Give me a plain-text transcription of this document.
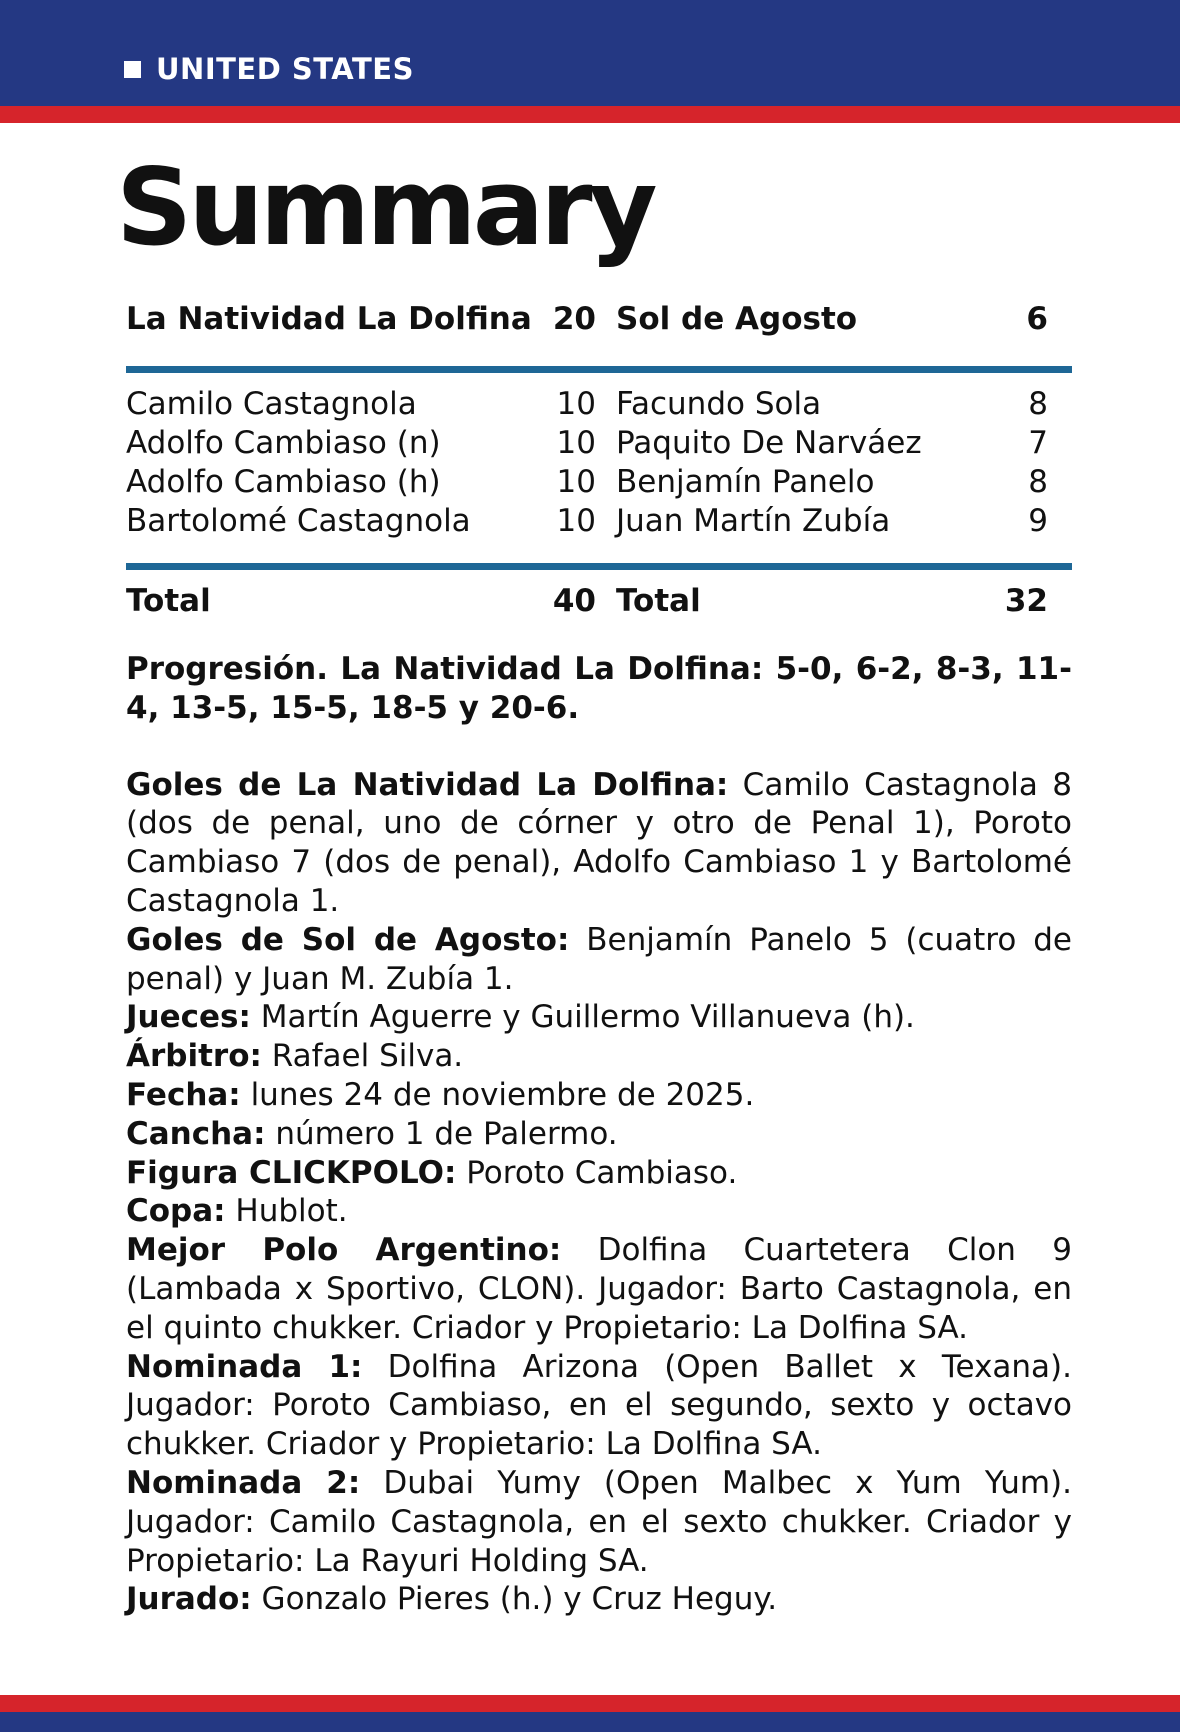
UNITED STATES
Summary
La Natividad La Dolfina 20 Sol de Agosto	6
Camilo Castagnola	10 Facundo Sola	8
Adolfo Cambiaso (n)	10 Paquito De Narváez	7
Adolfo Cambiaso (h)	10 Benjamín Panelo	8
Bartolomé Castagnola	10 Juan Martín Zubía	9
Total	40 Total	32

Progresión. La Natividad La Dolfina: 5-0, 6-2, 8-3, 11-4, 13-5, 15-5, 18-5 y 20-6.

Goles de La Natividad La Dolfina: Camilo Castagnola 8 (dos de penal, uno de córner y otro de Penal 1), Poroto Cambiaso 7 (dos de penal), Adolfo Cambiaso 1 y Bartolomé Castagnola 1.

Goles de Sol de Agosto: Benjamín Panelo 5 (cuatro de penal) y Juan M. Zubía 1.

Jueces: Martín Aguerre y Guillermo Villanueva (h).

Árbitro: Rafael Silva.

Fecha: lunes 24 de noviembre de 2025.

Cancha: número 1 de Palermo.

Figura CLICKPOLO: Poroto Cambiaso.

Copa: Hublot.

Mejor Polo Argentino: Dolfina Cuartetera Clon 9 (Lambada x Sportivo, CLON). Jugador: Barto Castagnola, en el quinto chukker. Criador y Propietario: La Dolfina SA.

Nominada 1: Dolfina Arizona (Open Ballet x Texana). Jugador: Poroto Cambiaso, en el segundo, sexto y octavo chukker. Criador y Propietario: La Dolfina SA.

Nominada 2: Dubai Yumy (Open Malbec x Yum Yum). Jugador: Camilo Castagnola, en el sexto chukker. Criador y Propietario: La Rayuri Holding SA.

Jurado: Gonzalo Pieres (h.) y Cruz Heguy.
